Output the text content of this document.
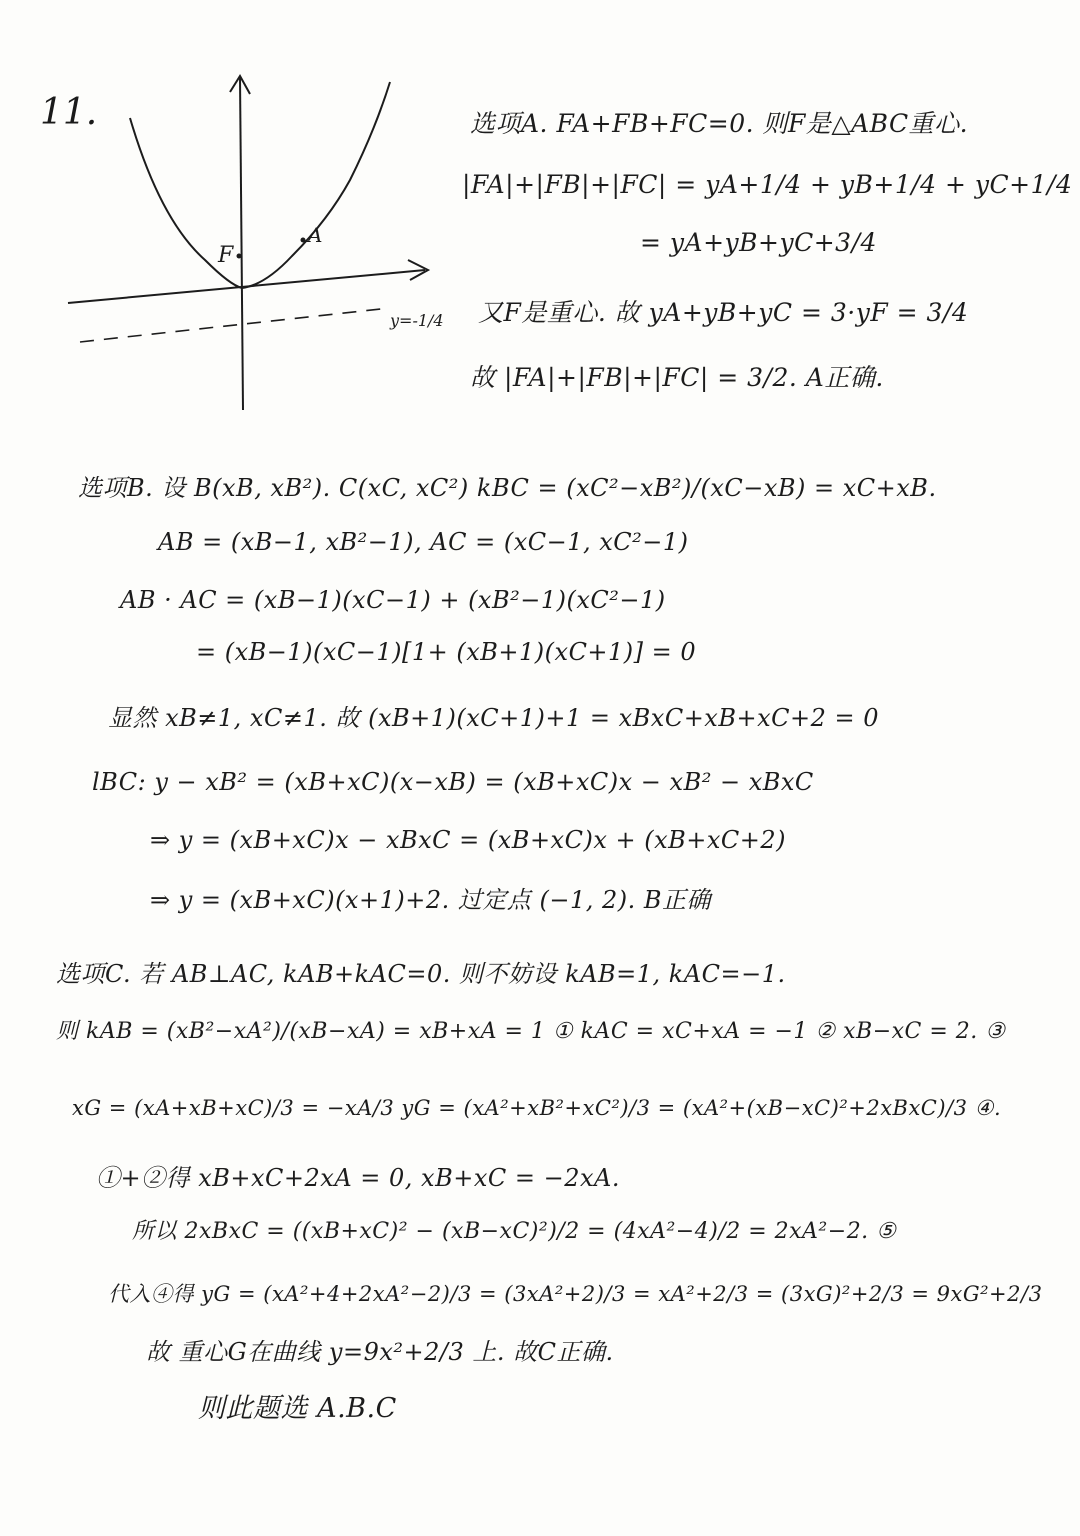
11.
F
A
y=-1/4
选项A. FA+FB+FC=0. 则F是△ABC重心.
|FA|+|FB|+|FC| = yA+1/4 + yB+1/4 + yC+1/4
= yA+yB+yC+3/4
又F是重心. 故 yA+yB+yC = 3·yF = 3/4
故 |FA|+|FB|+|FC| = 3/2. A正确.
选项B. 设 B(xB, xB²). C(xC, xC²) kBC = (xC²−xB²)/(xC−xB) = xC+xB.
AB = (xB−1, xB²−1), AC = (xC−1, xC²−1)
AB · AC = (xB−1)(xC−1) + (xB²−1)(xC²−1)
= (xB−1)(xC−1)[1+ (xB+1)(xC+1)] = 0
显然 xB≠1, xC≠1. 故 (xB+1)(xC+1)+1 = xBxC+xB+xC+2 = 0
lBC: y − xB² = (xB+xC)(x−xB) = (xB+xC)x − xB² − xBxC
⇒ y = (xB+xC)x − xBxC = (xB+xC)x + (xB+xC+2)
⇒ y = (xB+xC)(x+1)+2. 过定点 (−1, 2). B正确
选项C. 若 AB⊥AC, kAB+kAC=0. 则不妨设 kAB=1, kAC=−1.
则 kAB = (xB²−xA²)/(xB−xA) = xB+xA = 1 ① kAC = xC+xA = −1 ② xB−xC = 2. ③
xG = (xA+xB+xC)/3 = −xA/3 yG = (xA²+xB²+xC²)/3 = (xA²+(xB−xC)²+2xBxC)/3 ④.
①+②得 xB+xC+2xA = 0, xB+xC = −2xA.
所以 2xBxC = ((xB+xC)² − (xB−xC)²)/2 = (4xA²−4)/2 = 2xA²−2. ⑤
代入④得 yG = (xA²+4+2xA²−2)/3 = (3xA²+2)/3 = xA²+2/3 = (3xG)²+2/3 = 9xG²+2/3
故 重心G在曲线 y=9x²+2/3 上. 故C正确.
则此题选 A.B.C
